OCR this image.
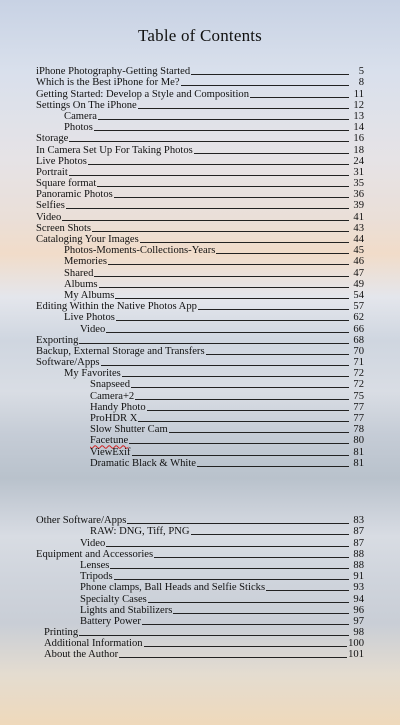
Table of Contents
iPhone Photography-Getting Started	5
Which is the Best iPhone for Me?	8
Getting Started: Develop a Style and Composition	11
Settings On The iPhone	12
Camera	13
Photos	14
Storage	16
In Camera Set Up For Taking Photos	18
Live Photos	24
Portrait	31
Square format	35
Panoramic Photos	36
Selfies	39
Video	41
Screen Shots	43
Cataloging Your Images	44
Photos-Moments-Collections-Years	45
Memories	46
Shared	47
Albums	49
My Albums	54
Editing Within the Native Photos App	57
Live Photos	62
Video	66
Exporting	68
Backup, External Storage and Transfers	70
Software/Apps	71
My Favorites	72
Snapseed	72
Camera+2	75
Handy Photo	77
ProHDR X	77
Slow Shutter Cam	78
Facetune	80
ViewExif	81
Dramatic Black & White	81
Other Software/Apps	83
RAW: DNG, Tiff, PNG	87
Video	87
Equipment and Accessories	88
Lenses	88
Tripods	91
Phone clamps, Ball Heads and Selfie Sticks	93
Specialty Cases	94
Lights and Stabilizers	96
Battery Power	97
Printing	98
Additional Information	100
About the Author	101
